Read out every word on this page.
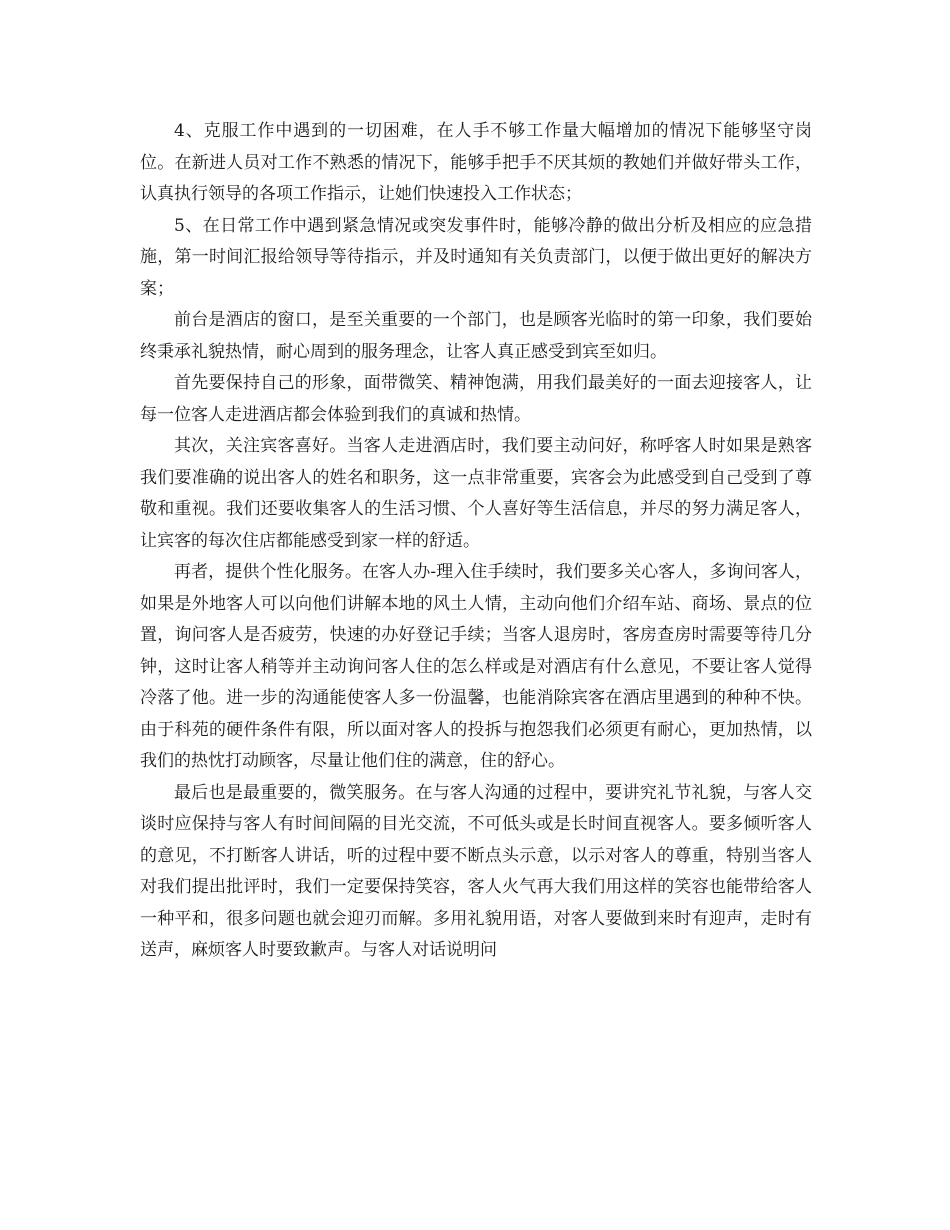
4、克服工作中遇到的一切困难，在人手不够工作量大幅增加的情况下能够坚守岗位。在新进人员对工作不熟悉的情况下，能够手把手不厌其烦的教她们并做好带头工作，认真执行领导的各项工作指示，让她们快速投入工作状态；

5、在日常工作中遇到紧急情况或突发事件时，能够冷静的做出分析及相应的应急措施，第一时间汇报给领导等待指示，并及时通知有关负责部门，以便于做出更好的解决方案；

前台是酒店的窗口，是至关重要的一个部门，也是顾客光临时的第一印象，我们要始终秉承礼貌热情，耐心周到的服务理念，让客人真正感受到宾至如归。

首先要保持自己的形象，面带微笑、精神饱满，用我们最美好的一面去迎接客人，让每一位客人走进酒店都会体验到我们的真诚和热情。

其次，关注宾客喜好。当客人走进酒店时，我们要主动问好，称呼客人时如果是熟客我们要准确的说出客人的姓名和职务，这一点非常重要，宾客会为此感受到自己受到了尊敬和重视。我们还要收集客人的生活习惯、个人喜好等生活信息，并尽的努力满足客人，让宾客的每次住店都能感受到家一样的舒适。

再者，提供个性化服务。在客人办-理入住手续时，我们要多关心客人，多询问客人，如果是外地客人可以向他们讲解本地的风土人情，主动向他们介绍车站、商场、景点的位置，询问客人是否疲劳，快速的办好登记手续；当客人退房时，客房查房时需要等待几分钟，这时让客人稍等并主动询问客人住的怎么样或是对酒店有什么意见，不要让客人觉得冷落了他。进一步的沟通能使客人多一份温馨，也能消除宾客在酒店里遇到的种种不快。由于科苑的硬件条件有限，所以面对客人的投拆与抱怨我们必须更有耐心，更加热情，以我们的热忱打动顾客，尽量让他们住的满意，住的舒心。

最后也是最重要的，微笑服务。在与客人沟通的过程中，要讲究礼节礼貌，与客人交谈时应保持与客人有时间间隔的目光交流，不可低头或是长时间直视客人。要多倾听客人的意见，不打断客人讲话，听的过程中要不断点头示意，以示对客人的尊重，特别当客人对我们提出批评时，我们一定要保持笑容，客人火气再大我们用这样的笑容也能带给客人一种平和，很多问题也就会迎刃而解。多用礼貌用语，对客人要做到来时有迎声，走时有送声，麻烦客人时要致歉声。与客人对话说明问
